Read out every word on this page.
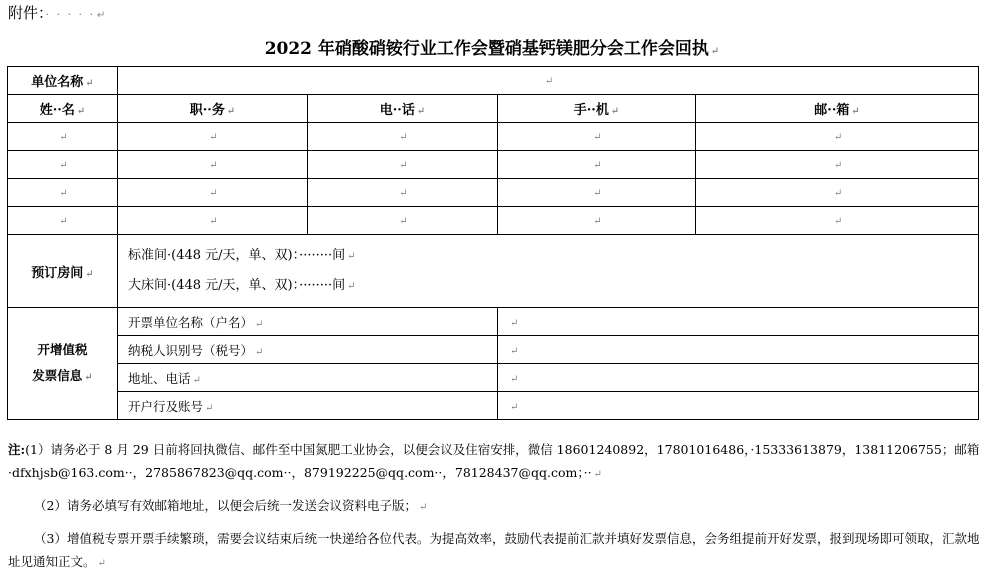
附件：· · · · · ↵
2022 年硝酸硝铵行业工作会暨硝基钙镁肥分会工作会回执 ↵
单位名称 ↵	↵			
姓··名 ↵	职··务 ↵	电··话 ↵	手··机 ↵	邮··箱 ↵
↵	↵	↵	↵	↵
↵	↵	↵	↵	↵
↵	↵	↵	↵	↵
↵	↵	↵	↵	↵
预订房间 ↵	标准间·(448 元/天，单、双)：········间 ↵
大床间·(448 元/天，单、双)：········间 ↵			

开增值税
发票信息 ↵	开票单位名称（户名） ↵		↵	
	纳税人识别号（税号） ↵		↵	
	地址、电话 ↵		↵	
	开户行及账号 ↵		↵	

注:(1）请务必于 8 月 29 日前将回执微信、邮件至中国氮肥工业协会，以便会议及住宿安排，微信 18601240892，17801016486，·15333613879，13811206755；邮箱·dfxhjsb@163.com··，2785867823@qq.com··，879192225@qq.com··，78128437@qq.com；·· ↵

（2）请务必填写有效邮箱地址，以便会后统一发送会议资料电子版； ↵

（3）增值税专票开票手续繁琐，需要会议结束后统一快递给各位代表。为提高效率，鼓励代表提前汇款并填好发票信息，会务组提前开好发票，报到现场即可领取，汇款地址见通知正文。 ↵
